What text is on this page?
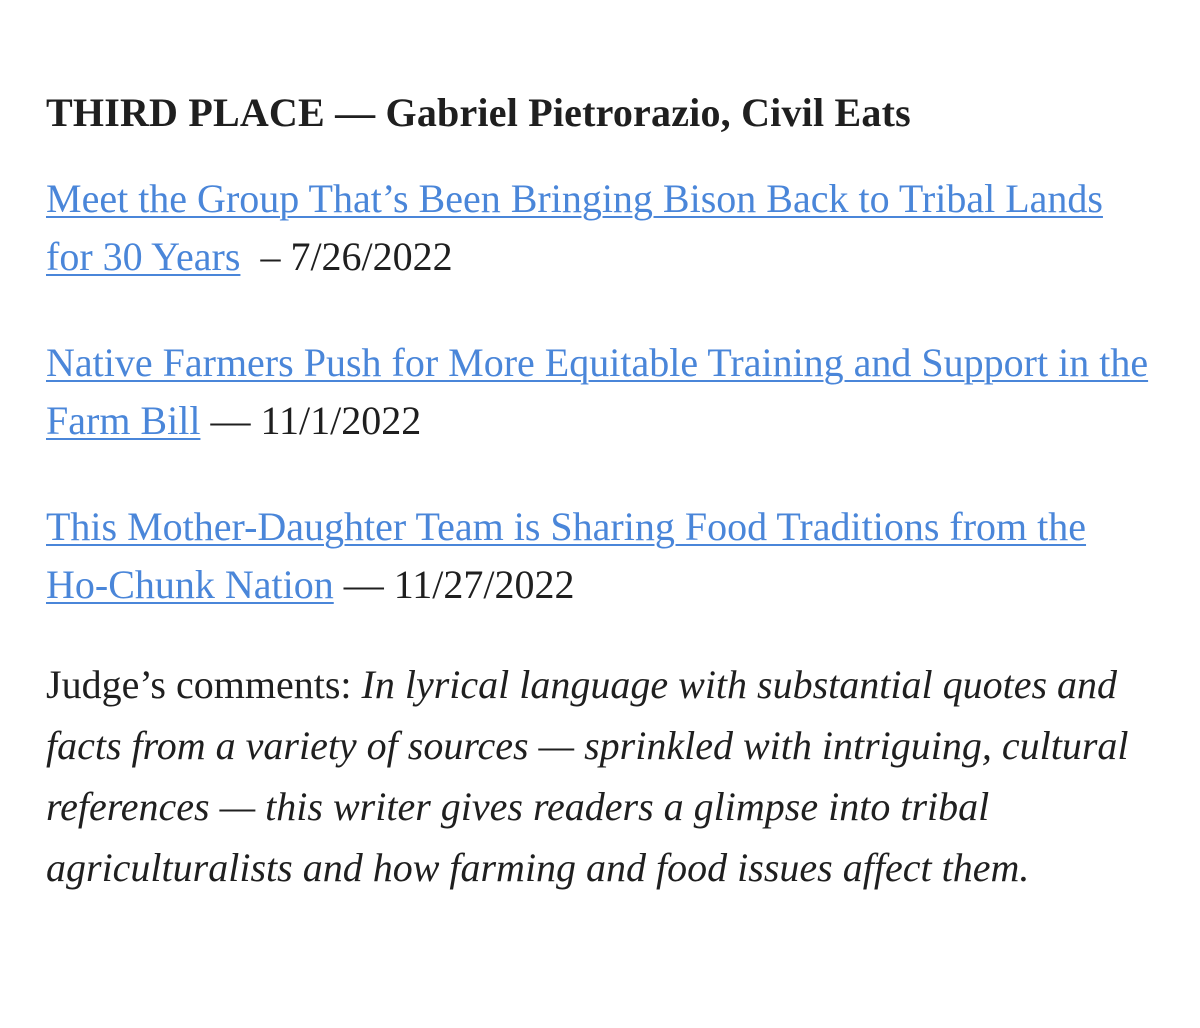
THIRD PLACE — Gabriel Pietrorazio, Civil Eats

Meet the Group That’s Been Bringing Bison Back to Tribal Lands for 30 Years  – 7/26/2022

Native Farmers Push for More Equitable Training and Support in the Farm Bill — 11/1/2022

This Mother-Daughter Team is Sharing Food Traditions from the Ho-Chunk Nation — 11/27/2022

Judge’s comments: In lyrical language with substantial quotes and facts from a variety of sources — sprinkled with intriguing, cultural references — this writer gives readers a glimpse into tribal agriculturalists and how farming and food issues affect them.
